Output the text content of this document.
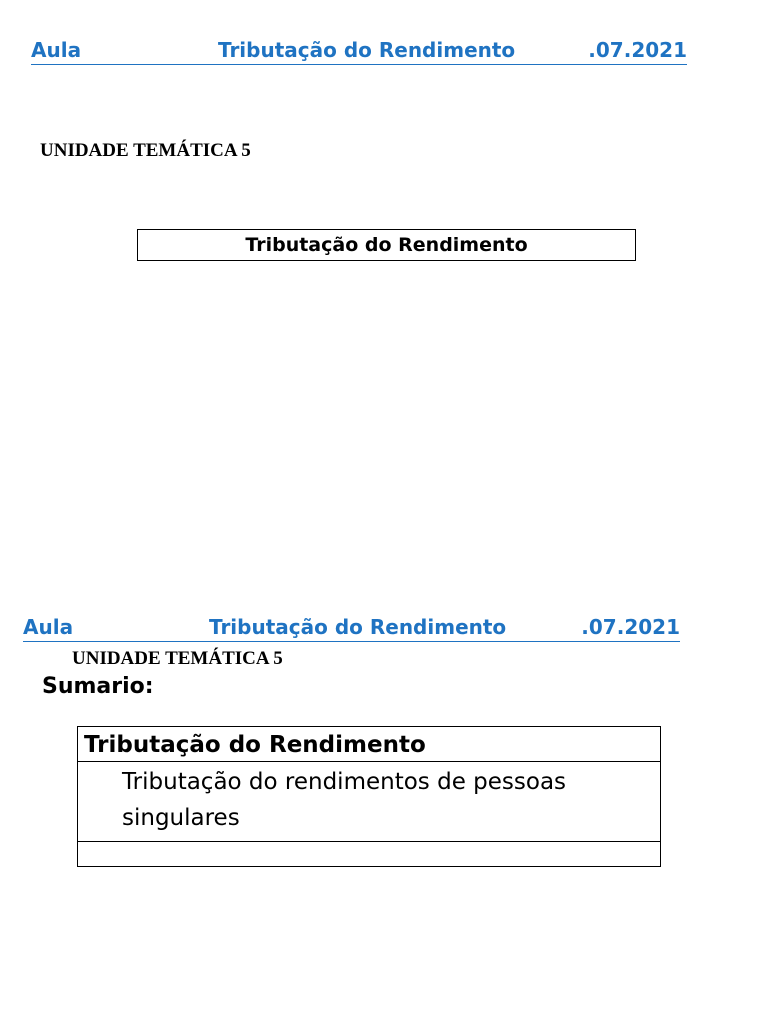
Aula	Tributação do Rendimento	.07.2021
UNIDADE TEMÁTICA 5
Tributação do Rendimento
Aula	Tributação do Rendimento	.07.2021
UNIDADE TEMÁTICA 5
Sumario:
Tributação do Rendimento
Tributação do rendimentos de pessoas singulares
